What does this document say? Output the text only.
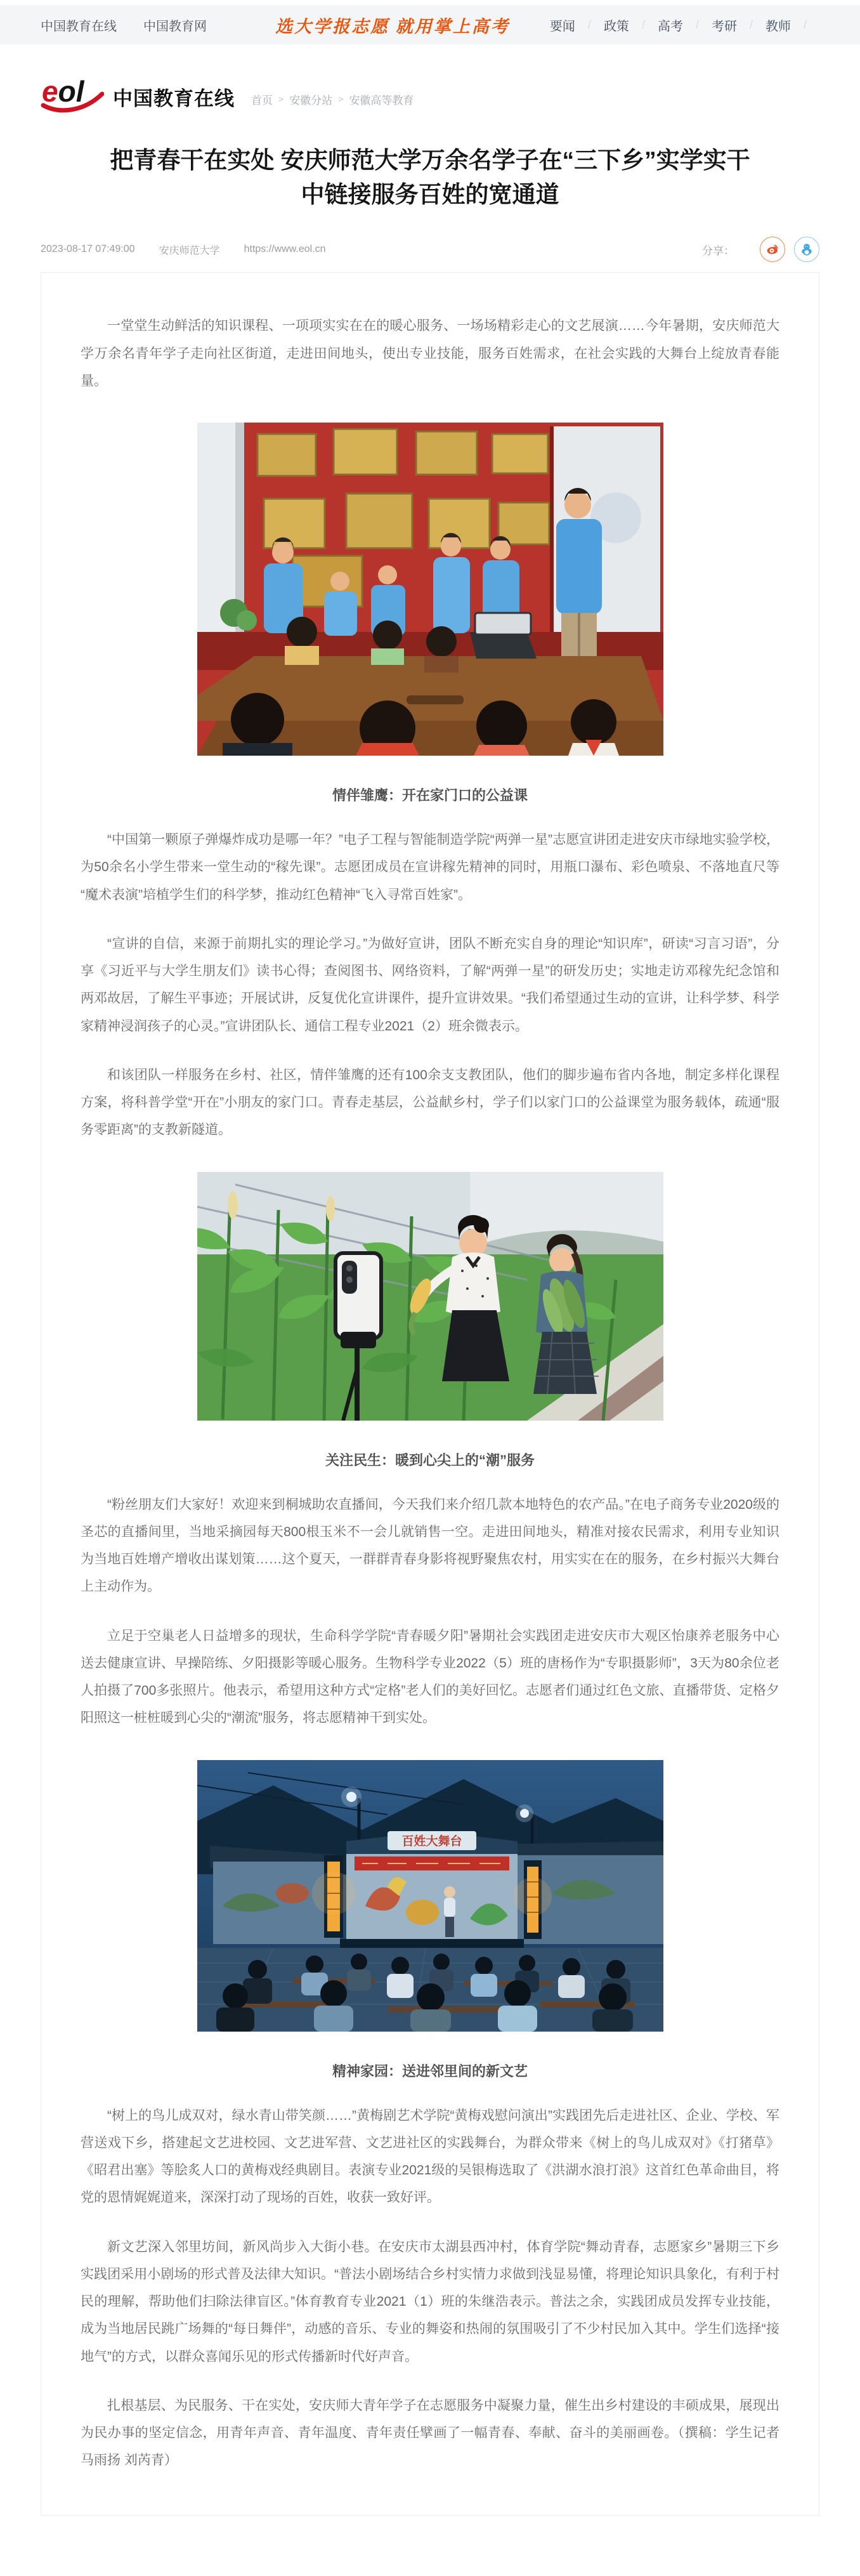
中国教育在线 中国教育网	选大学报志愿 就用掌上高考	要闻 / 政策 / 高考 / 考研 / 教师 /
eol 中国教育在线 首页 > 安徽分站 > 安徽高等教育
把青春干在实处 安庆师范大学万余名学子在“三下乡”实学实干中链接服务百姓的宽通道
2023-08-17 07:49:00 安庆师范大学 https://www.eol.cn	分享：

一堂堂生动鲜活的知识课程、一项项实实在在的暖心服务、一场场精彩走心的文艺展演……今年暑期，安庆师范大学万余名青年学子走向社区街道，走进田间地头，使出专业技能，服务百姓需求，在社会实践的大舞台上绽放青春能量。

情伴雏鹰：开在家门口的公益课

“中国第一颗原子弹爆炸成功是哪一年？”电子工程与智能制造学院“两弹一星”志愿宣讲团走进安庆市绿地实验学校，为50余名小学生带来一堂生动的“稼先课”。志愿团成员在宣讲稼先精神的同时，用瓶口瀑布、彩色喷泉、不落地直尺等“魔术表演”培植学生们的科学梦，推动红色精神“飞入寻常百姓家”。

“宣讲的自信，来源于前期扎实的理论学习。”为做好宣讲，团队不断充实自身的理论“知识库”，研读“习言习语”，分享《习近平与大学生朋友们》读书心得；查阅图书、网络资料，了解“两弹一星”的研发历史；实地走访邓稼先纪念馆和两邓故居，了解生平事迹；开展试讲，反复优化宣讲课件，提升宣讲效果。“我们希望通过生动的宣讲，让科学梦、科学家精神浸润孩子的心灵。”宣讲团队长、通信工程专业2021（2）班余微表示。

和该团队一样服务在乡村、社区，情伴雏鹰的还有100余支支教团队，他们的脚步遍布省内各地，制定多样化课程方案，将科普学堂“开在”小朋友的家门口。青春走基层，公益献乡村，学子们以家门口的公益课堂为服务载体，疏通“服务零距离”的支教新隧道。

关注民生：暖到心尖上的“潮”服务

“粉丝朋友们大家好！欢迎来到桐城助农直播间，今天我们来介绍几款本地特色的农产品。”在电子商务专业2020级的圣芯的直播间里，当地采摘园每天800根玉米不一会儿就销售一空。走进田间地头，精准对接农民需求，利用专业知识为当地百姓增产增收出谋划策……这个夏天，一群群青春身影将视野聚焦农村，用实实在在的服务，在乡村振兴大舞台上主动作为。

立足于空巢老人日益增多的现状，生命科学学院“青春暖夕阳”暑期社会实践团走进安庆市大观区怡康养老服务中心送去健康宣讲、早操陪练、夕阳摄影等暖心服务。生物科学专业2022（5）班的唐杨作为“专职摄影师”，3天为80余位老人拍摄了700多张照片。他表示，希望用这种方式“定格”老人们的美好回忆。志愿者们通过红色文旅、直播带货、定格夕阳照这一桩桩暖到心尖的“潮流”服务，将志愿精神干到实处。

百姓大舞台
精神家园：送进邻里间的新文艺

“树上的鸟儿成双对，绿水青山带笑颜……”黄梅剧艺术学院“黄梅戏慰问演出”实践团先后走进社区、企业、学校、军营送戏下乡，搭建起文艺进校园、文艺进军营、文艺进社区的实践舞台，为群众带来《树上的鸟儿成双对》《打猪草》《昭君出塞》等脍炙人口的黄梅戏经典剧目。表演专业2021级的吴银梅选取了《洪湖水浪打浪》这首红色革命曲目，将党的恩情娓娓道来，深深打动了现场的百姓，收获一致好评。

新文艺深入邻里坊间，新风尚步入大街小巷。在安庆市太湖县西冲村，体育学院“舞动青春，志愿家乡”暑期三下乡实践团采用小剧场的形式普及法律大知识。“普法小剧场结合乡村实情力求做到浅显易懂，将理论知识具象化，有利于村民的理解，帮助他们扫除法律盲区。”体育教育专业2021（1）班的朱继浩表示。普法之余，实践团成员发挥专业技能，成为当地居民跳广场舞的“每日舞伴”，动感的音乐、专业的舞姿和热闹的氛围吸引了不少村民加入其中。学生们选择“接地气”的方式，以群众喜闻乐见的形式传播新时代好声音。

扎根基层、为民服务、干在实处，安庆师大青年学子在志愿服务中凝聚力量，催生出乡村建设的丰硕成果，展现出为民办事的坚定信念，用青年声音、青年温度、青年责任擘画了一幅青春、奉献、奋斗的美丽画卷。（撰稿：学生记者 马雨扬 刘芮青）
